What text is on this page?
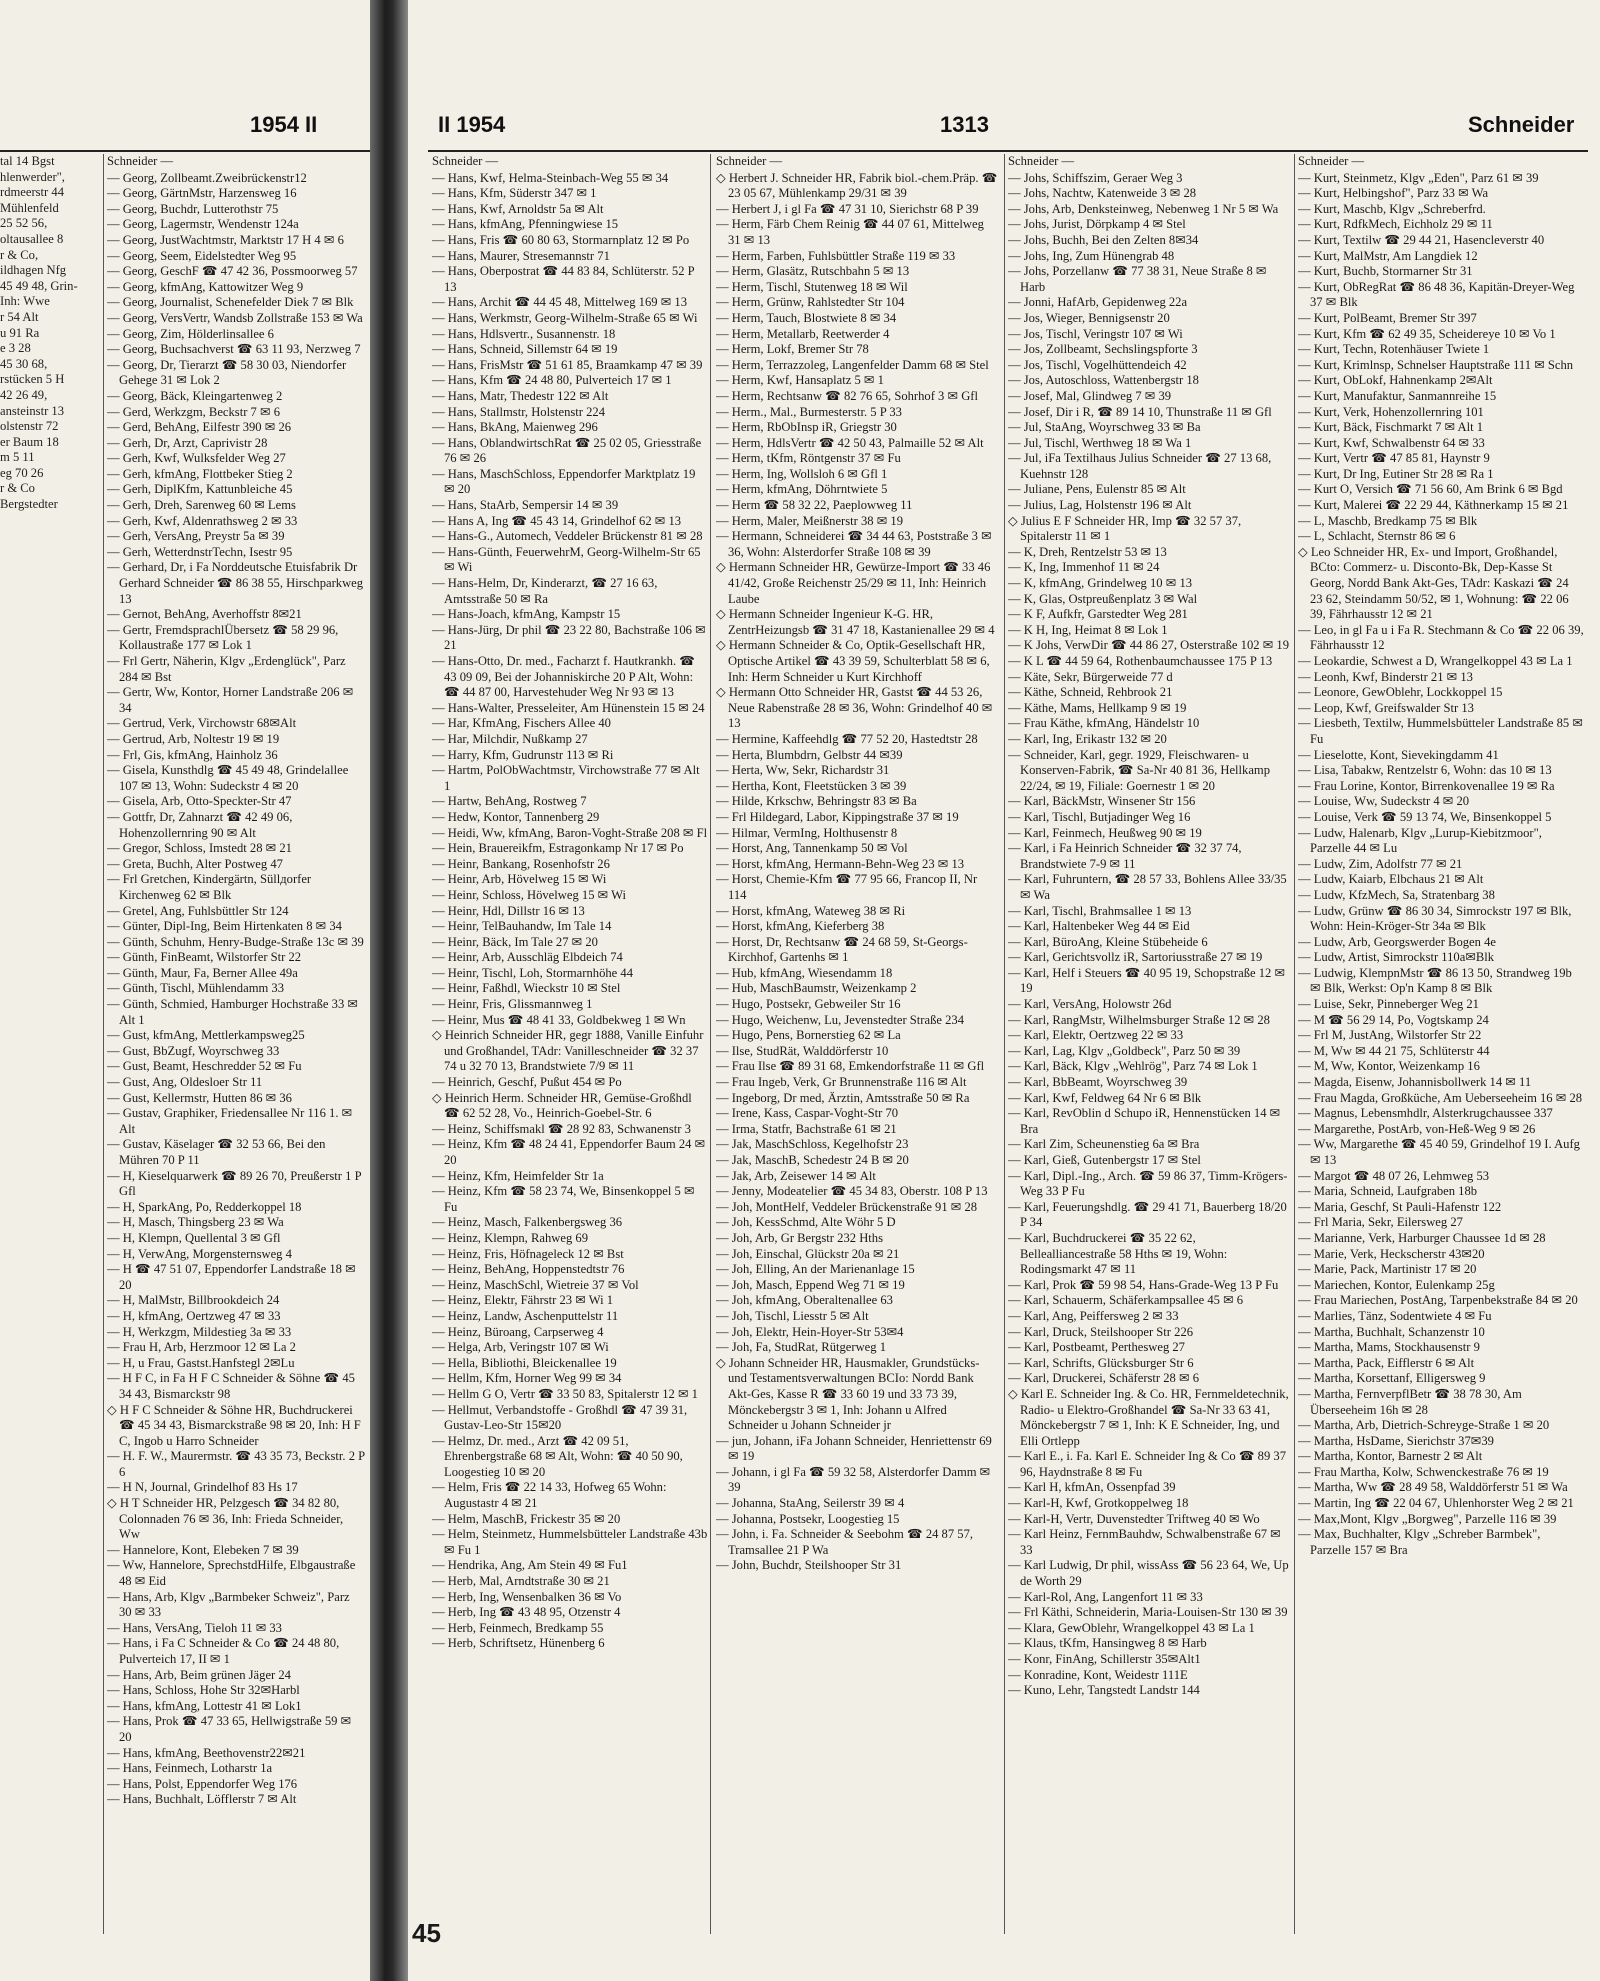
1954 II

tal 14 Bgst

hlenwerder",

rdmeerstr 44

Mühlenfeld

25 52 56,

oltausallee 8

r & Co,

ildhagen Nfg

45 49 48, Grin-

Inh: Wwe

r 54 Alt

u 91 Ra

e 3 28

45 30 68,

rstücken 5 H

42 26 49,

ansteinstr 13

olstenstr 72

er Baum 18

m 5 11

eg 70 26

r & Co

Bergstedter

Schneider —

— Georg, Zollbeamt.Zweibrückenstr12

— Georg, GärtnMstr, Harzensweg 16

— Georg, Buchdr, Lutterothstr 75

— Georg, Lagermstr, Wendenstr 124a

— Georg, JustWachtmstr, Marktstr 17 H 4 ✉ 6

— Georg, Seem, Eidelstedter Weg 95

— Georg, GeschF ☎ 47 42 36, Possmoorweg 57

— Georg, kfmAng, Kattowitzer Weg 9

— Georg, Journalist, Schenefelder Diek 7 ✉ Blk

— Georg, VersVertr, Wandsb Zollstraße 153 ✉ Wa

— Georg, Zim, Hölderlinsallee 6

— Georg, Buchsachverst ☎ 63 11 93, Nerzweg 7

— Georg, Dr, Tierarzt ☎ 58 30 03, Niendorfer Gehege 31 ✉ Lok 2

— Georg, Bäck, Kleingartenweg 2

— Gerd, Werkzgm, Beckstr 7 ✉ 6

— Gerd, BehAng, Eilfestr 390 ✉ 26

— Gerh, Dr, Arzt, Caprivistr 28

— Gerh, Kwf, Wulksfelder Weg 27

— Gerh, kfmAng, Flottbeker Stieg 2

— Gerh, DiplKfm, Kattunbleiche 45

— Gerh, Dreh, Sarenweg 60 ✉ Lems

— Gerh, Kwf, Aldenrathsweg 2 ✉ 33

— Gerh, VersAng, Preystr 5a ✉ 39

— Gerh, WetterdnstrTechn, Isestr 95

— Gerhard, Dr, i Fa Norddeutsche Etuisfabrik Dr Gerhard Schneider ☎ 86 38 55, Hirschparkweg 13

— Gernot, BehAng, Averhoffstr 8✉21

— Gertr, FremdsprachlÜbersetz ☎ 58 29 96, Kollaustraße 177 ✉ Lok 1

— Frl Gertr, Näherin, Klgv „Erdenglück", Parz 284 ✉ Bst

— Gertr, Ww, Kontor, Horner Landstraße 206 ✉ 34

— Gertrud, Verk, Virchowstr 68✉Alt

— Gertrud, Arb, Noltestr 19 ✉ 19

— Frl, Gis, kfmAng, Hainholz 36

— Gisela, Kunsthdlg ☎ 45 49 48, Grindelallee 107 ✉ 13, Wohn: Sudeckstr 4 ✉ 20

— Gisela, Arb, Otto-Speckter-Str 47

— Gottfr, Dr, Zahnarzt ☎ 42 49 06, Hohenzollernring 90 ✉ Alt

— Gregor, Schloss, Imstedt 28 ✉ 21

— Greta, Buchh, Alter Postweg 47

— Frl Gretchen, Kindergärtn, Süllдorfer Kirchenweg 62 ✉ Blk

— Gretel, Ang, Fuhlsbüttler Str 124

— Günter, Dipl-Ing, Beim Hirtenkaten 8 ✉ 34

— Günth, Schuhm, Henry-Budge-Straße 13c ✉ 39

— Günth, FinBeamt, Wilstorfer Str 22

— Günth, Maur, Fa, Berner Allee 49a

— Günth, Tischl, Mühlendamm 33

— Günth, Schmied, Hamburger Hochstraße 33 ✉ Alt 1

— Gust, kfmAng, Mettlerkampsweg25

— Gust, BbZugf, Woyrschweg 33

— Gust, Beamt, Heschredder 52 ✉ Fu

— Gust, Ang, Oldesloer Str 11

— Gust, Kellermstr, Hutten 86 ✉ 36

— Gustav, Graphiker, Friedensallee Nr 116 1. ✉ Alt

— Gustav, Käselager ☎ 32 53 66, Bei den Mühren 70 P 11

— H, Kieselquarwerk ☎ 89 26 70, Preußerstr 1 P Gfl

— H, SparkAng, Po, Redderkoppel 18

— H, Masch, Thingsberg 23 ✉ Wa

— H, Klempn, Quellental 3 ✉ Gfl

— H, VerwAng, Morgensternsweg 4

— H ☎ 47 51 07, Eppendorfer Landstraße 18 ✉ 20

— H, MalMstr, Billbrookdeich 24

— H, kfmAng, Oertzweg 47 ✉ 33

— H, Werkzgm, Mildestieg 3a ✉ 33

— Frau H, Arb, Herzmoor 12 ✉ La 2

— H, u Frau, Gastst.Hanfstegl 2✉Lu

— H F C, in Fa H F C Schneider & Söhne ☎ 45 34 43, Bismarckstr 98

◇ H F C Schneider & Söhne HR, Buchdruckerei ☎ 45 34 43, Bismarckstraße 98 ✉ 20, Inh: H F C, Ingob u Harro Schneider

— H. F. W., Maurermstr. ☎ 43 35 73, Beckstr. 2 P 6

— H N, Journal, Grindelhof 83 Hs 17

◇ H T Schneider HR, Pelzgesch ☎ 34 82 80, Colonnaden 76 ✉ 36, Inh: Frieda Schneider, Ww

— Hannelore, Kont, Elebeken 7 ✉ 39

— Ww, Hannelore, SprechstdHilfe, Elbgaustraße 48 ✉ Eid

— Hans, Arb, Klgv „Barmbeker Schweiz", Parz 30 ✉ 33

— Hans, VersAng, Tieloh 11 ✉ 33

— Hans, i Fa C Schneider & Co ☎ 24 48 80, Pulverteich 17, II ✉ 1

— Hans, Arb, Beim grünen Jäger 24

— Hans, Schloss, Hohe Str 32✉Harbl

— Hans, kfmAng, Lottestr 41 ✉ Lok1

— Hans, Prok ☎ 47 33 65, Hellwigstraße 59 ✉ 20

— Hans, kfmAng, Beethovenstr22✉21

— Hans, Feinmech, Lotharstr 1a

— Hans, Polst, Eppendorfer Weg 176

— Hans, Buchhalt, Löfflerstr 7 ✉ Alt

II 1954	1313	Schneider
Schneider —

— Hans, Kwf, Helma-Steinbach-Weg 55 ✉ 34

— Hans, Kfm, Süderstr 347 ✉ 1

— Hans, Kwf, Arnoldstr 5a ✉ Alt

— Hans, kfmAng, Pfenningwiese 15

— Hans, Fris ☎ 60 80 63, Stormarnplatz 12 ✉ Po

— Hans, Maurer, Stresemannstr 71

— Hans, Oberpostrat ☎ 44 83 84, Schlüterstr. 52 P 13

— Hans, Archit ☎ 44 45 48, Mittelweg 169 ✉ 13

— Hans, Werkmstr, Georg-Wilhelm-Straße 65 ✉ Wi

— Hans, Hdlsvertr., Susannenstr. 18

— Hans, Schneid, Sillemstr 64 ✉ 19

— Hans, FrisMstr ☎ 51 61 85, Braamkamp 47 ✉ 39

— Hans, Kfm ☎ 24 48 80, Pulverteich 17 ✉ 1

— Hans, Matr, Thedestr 122 ✉ Alt

— Hans, Stallmstr, Holstenstr 224

— Hans, BkAng, Maienweg 296

— Hans, OblandwirtschRat ☎ 25 02 05, Griesstraße 76 ✉ 26

— Hans, MaschSchloss, Eppendorfer Marktplatz 19 ✉ 20

— Hans, StaArb, Sempersir 14 ✉ 39

— Hans A, Ing ☎ 45 43 14, Grindelhof 62 ✉ 13

— Hans-G., Automech, Veddeler Brückenstr 81 ✉ 28

— Hans-Günth, FeuerwehrM, Georg-Wilhelm-Str 65 ✉ Wi

— Hans-Helm, Dr, Kinderarzt, ☎ 27 16 63, Amtsstraße 50 ✉ Ra

— Hans-Joach, kfmAng, Kampstr 15

— Hans-Jürg, Dr phil ☎ 23 22 80, Bachstraße 106 ✉ 21

— Hans-Otto, Dr. med., Facharzt f. Hautkrankh. ☎ 43 09 09, Bei der Johanniskirche 20 P Alt, Wohn: ☎ 44 87 00, Harvestehuder Weg Nr 93 ✉ 13

— Hans-Walter, Presseleiter, Am Hünenstein 15 ✉ 24

— Har, KfmAng, Fischers Allee 40

— Har, Milchdir, Nußkamp 27

— Harry, Kfm, Gudrunstr 113 ✉ Ri

— Hartm, PolObWachtmstr, Virchowstraße 77 ✉ Alt 1

— Hartw, BehAng, Rostweg 7

— Hedw, Kontor, Tannenberg 29

— Heidi, Ww, kfmAng, Baron-Voght-Straße 208 ✉ Fl

— Hein, Brauereikfm, Estragonkamp Nr 17 ✉ Po

— Heinr, Bankang, Rosenhofstr 26

— Heinr, Arb, Hövelweg 15 ✉ Wi

— Heinr, Schloss, Hövelweg 15 ✉ Wi

— Heinr, Hdl, Dillstr 16 ✉ 13

— Heinr, TelBauhandw, Im Tale 14

— Heinr, Bäck, Im Tale 27 ✉ 20

— Heinr, Arb, Ausschläg Elbdeich 74

— Heinr, Tischl, Loh, Stormarnhöhe 44

— Heinr, Faßhdl, Wieckstr 10 ✉ Stel

— Heinr, Fris, Glissmannweg 1

— Heinr, Mus ☎ 48 41 33, Goldbekweg 1 ✉ Wn

◇ Heinrich Schneider HR, gegr 1888, Vanille Einfuhr und Großhandel, TAdr: Vanilleschneider ☎ 32 37 74 u 32 70 13, Brandstwiete 7/9 ✉ 11

— Heinrich, Geschf, Pußut 454 ✉ Po

◇ Heinrich Herm. Schneider HR, Gemüse-Großhdl ☎ 62 52 28, Vo., Heinrich-Goebel-Str. 6

— Heinz, Schiffsmakl ☎ 28 92 83, Schwanenstr 3

— Heinz, Kfm ☎ 48 24 41, Eppendorfer Baum 24 ✉ 20

— Heinz, Kfm, Heimfelder Str 1a

— Heinz, Kfm ☎ 58 23 74, We, Binsenkoppel 5 ✉ Fu

— Heinz, Masch, Falkenbergsweg 36

— Heinz, Klempn, Rahweg 69

— Heinz, Fris, Höfnageleck 12 ✉ Bst

— Heinz, BehAng, Hoppenstedtstr 76

— Heinz, MaschSchl, Wietreie 37 ✉ Vol

— Heinz, Elektr, Fährstr 23 ✉ Wi 1

— Heinz, Landw, Aschenputtelstr 11

— Heinz, Büroang, Carpserweg 4

— Helga, Arb, Veringstr 107 ✉ Wi

— Hella, Bibliothi, Bleickenallee 19

— Hellm, Kfm, Horner Weg 99 ✉ 34

— Hellm G O, Vertr ☎ 33 50 83, Spitalerstr 12 ✉ 1

— Hellmut, Verbandstoffe - Großhdl ☎ 47 39 31, Gustav-Leo-Str 15✉20

— Helmz, Dr. med., Arzt ☎ 42 09 51, Ehrenbergstraße 68 ✉ Alt, Wohn: ☎ 40 50 90, Loogestieg 10 ✉ 20

— Helm, Fris ☎ 22 14 33, Hofweg 65 Wohn: Augustastr 4 ✉ 21

— Helm, MaschB, Frickestr 35 ✉ 20

— Helm, Steinmetz, Hummelsbütteler Landstraße 43b ✉ Fu 1

— Hendrika, Ang, Am Stein 49 ✉ Fu1

— Herb, Mal, Arndtstraße 30 ✉ 21

— Herb, Ing, Wensenbalken 36 ✉ Vo

— Herb, Ing ☎ 43 48 95, Otzenstr 4

— Herb, Feinmech, Bredkamp 55

— Herb, Schriftsetz, Hünenberg 6

Schneider —

◇ Herbert J. Schneider HR, Fabrik biol.-chem.Präp. ☎ 23 05 67, Mühlenkamp 29/31 ✉ 39

— Herbert J, i gl Fa ☎ 47 31 10, Sierichstr 68 P 39

— Herm, Färb Chem Reinig ☎ 44 07 61, Mittelweg 31 ✉ 13

— Herm, Farben, Fuhlsbüttler Straße 119 ✉ 33

— Herm, Glasätz, Rutschbahn 5 ✉ 13

— Herm, Tischl, Stutenweg 18 ✉ Wil

— Herm, Grünw, Rahlstedter Str 104

— Herm, Tauch, Blostwiete 8 ✉ 34

— Herm, Metallarb, Reetwerder 4

— Herm, Lokf, Bremer Str 78

— Herm, Terrazzoleg, Langenfelder Damm 68 ✉ Stel

— Herm, Kwf, Hansaplatz 5 ✉ 1

— Herm, Rechtsanw ☎ 82 76 65, Sohrhof 3 ✉ Gfl

— Herm., Mal., Burmesterstr. 5 P 33

— Herm, RbObInsp iR, Griegstr 30

— Herm, HdlsVertr ☎ 42 50 43, Palmaille 52 ✉ Alt

— Herm, tKfm, Röntgenstr 37 ✉ Fu

— Herm, Ing, Wollsloh 6 ✉ Gfl 1

— Herm, kfmAng, Döhrntwiete 5

— Herm ☎ 58 32 22, Paeplowweg 11

— Herm, Maler, Meißnerstr 38 ✉ 19

— Hermann, Schneiderei ☎ 34 44 63, Poststraße 3 ✉ 36, Wohn: Alsterdorfer Straße 108 ✉ 39

◇ Hermann Schneider HR, Gewürze-Import ☎ 33 46 41/42, Große Reichenstr 25/29 ✉ 11, Inh: Heinrich Laube

◇ Hermann Schneider Ingenieur K-G. HR, ZentrHeizungsb ☎ 31 47 18, Kastanienallee 29 ✉ 4

◇ Hermann Schneider & Co, Optik-Gesellschaft HR, Optische Artikel ☎ 43 39 59, Schulterblatt 58 ✉ 6, Inh: Herm Schneider u Kurt Kirchhoff

◇ Hermann Otto Schneider HR, Gastst ☎ 44 53 26, Neue Rabenstraße 28 ✉ 36, Wohn: Grindelhof 40 ✉ 13

— Hermine, Kaffeehdlg ☎ 77 52 20, Hastedtstr 28

— Herta, Blumbdrn, Gelbstr 44 ✉39

— Herta, Ww, Sekr, Richardstr 31

— Hertha, Kont, Fleetstücken 3 ✉ 39

— Hilde, Krkschw, Behringstr 83 ✉ Ba

— Frl Hildegard, Labor, Kippingstraße 37 ✉ 19

— Hilmar, VermIng, Holthusenstr 8

— Horst, Ang, Tannenkamp 50 ✉ Vol

— Horst, kfmAng, Hermann-Behn-Weg 23 ✉ 13

— Horst, Chemie-Kfm ☎ 77 95 66, Francop II, Nr 114

— Horst, kfmAng, Wateweg 38 ✉ Ri

— Horst, kfmAng, Kieferberg 38

— Horst, Dr, Rechtsanw ☎ 24 68 59, St-Georgs-Kirchhof, Gartenhs ✉ 1

— Hub, kfmAng, Wiesendamm 18

— Hub, MaschBaumstr, Weizenkamp 2

— Hugo, Postsekr, Gebweiler Str 16

— Hugo, Weichenw, Lu, Jevenstedter Straße 234

— Hugo, Pens, Bornerstieg 62 ✉ La

— Ilse, StudRät, Walddörferstr 10

— Frau Ilse ☎ 89 31 68, Emkendorfstraße 11 ✉ Gfl

— Frau Ingeb, Verk, Gr Brunnenstraße 116 ✉ Alt

— Ingeborg, Dr med, Ärztin, Amtsstraße 50 ✉ Ra

— Irene, Kass, Caspar-Voght-Str 70

— Irma, Statfr, Bachstraße 61 ✉ 21

— Jak, MaschSchloss, Kegelhofstr 23

— Jak, MaschB, Schedestr 24 B ✉ 20

— Jak, Arb, Zeisewег 14 ✉ Alt

— Jenny, Modeatelier ☎ 45 34 83, Oberstr. 108 P 13

— Joh, MontHelf, Veddeler Brückenstraße 91 ✉ 28

— Joh, KessSchmd, Alte Wöhr 5 D

— Joh, Arb, Gr Bergstr 232 Hths

— Joh, Einschal, Glückstr 20a ✉ 21

— Joh, Elling, An der Marienanlage 15

— Joh, Masch, Eppend Weg 71 ✉ 19

— Joh, kfmAng, Oberaltenallee 63

— Joh, Tischl, Liesstr 5 ✉ Alt

— Joh, Elektr, Hein-Hoyer-Str 53✉4

— Joh, Fa, StudRat, Rütgerweg 1

◇ Johann Schneider HR, Hausmakler, Grundstücks- und Testamentsverwaltungen BCIo: Nordd Bank Akt-Ges, Kasse R ☎ 33 60 19 und 33 73 39, Mönckebergstr 3 ✉ 1, Inh: Johann u Alfred Schneider u Johann Schneider jr

— jun, Johann, iFa Johann Schneider, Henriettenstr 69 ✉ 19

— Johann, i gl Fa ☎ 59 32 58, Alsterdorfer Damm ✉ 39

— Johanna, StaAng, Seilerstr 39 ✉ 4

— Johanna, Postsekr, Loogestieg 15

— John, i. Fa. Schneider & Seebohm ☎ 24 87 57, Tramsallee 21 P Wa

— John, Buchdr, Steilshooper Str 31

Schneider —

— Johs, Schiffszim, Geraer Weg 3

— Johs, Nachtw, Katenweide 3 ✉ 28

— Johs, Arb, Denksteinweg, Nebenweg 1 Nr 5 ✉ Wa

— Johs, Jurist, Dörpkamp 4 ✉ Stel

— Johs, Buchh, Bei den Zelten 8✉34

— Johs, Ing, Zum Hünengrab 48

— Johs, Porzellanw ☎ 77 38 31, Neue Straße 8 ✉ Harb

— Jonni, HafArb, Gepidenweg 22a

— Jos, Wieger, Bennigsenstr 20

— Jos, Tischl, Veringstr 107 ✉ Wi

— Jos, Zollbeamt, Sechslingspforte 3

— Jos, Tischl, Vogelhüttendeich 42

— Jos, Autoschloss, Wattenbergstr 18

— Josef, Mal, Glindweg 7 ✉ 39

— Josef, Dir i R, ☎ 89 14 10, Thunstraße 11 ✉ Gfl

— Jul, StaAng, Woyrschweg 33 ✉ Ba

— Jul, Tischl, Werthweg 18 ✉ Wa 1

— Jul, iFa Textilhaus Julius Schneider ☎ 27 13 68, Kuehnstr 128

— Juliane, Pens, Eulenstr 85 ✉ Alt

— Julius, Lag, Holstenstr 196 ✉ Alt

◇ Julius E F Schneider HR, Imp ☎ 32 57 37, Spitalerstr 11 ✉ 1

— K, Dreh, Rentzelstr 53 ✉ 13

— K, Ing, Immenhof 11 ✉ 24

— K, kfmAng, Grindelweg 10 ✉ 13

— K, Glas, Ostpreußenplatz 3 ✉ Wal

— K F, Aufkfr, Garstedter Weg 281

— K H, Ing, Heimat 8 ✉ Lok 1

— K Johs, VerwDir ☎ 44 86 27, Osterstraße 102 ✉ 19

— K L ☎ 44 59 64, Rothenbaumchaussee 175 P 13

— Käte, Sekr, Bürgerweide 77 d

— Käthe, Schneid, Rehbrook 21

— Käthe, Mams, Hellkamp 9 ✉ 19

— Frau Käthe, kfmAng, Händelstr 10

— Karl, Ing, Erikastr 132 ✉ 20

— Schneider, Karl, gegr. 1929, Fleischwaren- u Konserven-Fabrik, ☎ Sa-Nr 40 81 36, Hellkamp 22/24, ✉ 19, Filiale: Goernestr 1 ✉ 20

— Karl, BäckMstr, Winsener Str 156

— Karl, Tischl, Butjadinger Weg 16

— Karl, Feinmech, Heußweg 90 ✉ 19

— Karl, i Fa Heinrich Schneider ☎ 32 37 74, Brandstwiete 7-9 ✉ 11

— Karl, Fuhruntern, ☎ 28 57 33, Bohlens Allee 33/35 ✉ Wa

— Karl, Tischl, Brahmsallee 1 ✉ 13

— Karl, Haltenbeker Weg 44 ✉ Eid

— Karl, BüroAng, Kleine Stübeheide 6

— Karl, Gerichtsvollz iR, Sartoriusstraße 27 ✉ 19

— Karl, Helf i Steuers ☎ 40 95 19, Schopstraße 12 ✉ 19

— Karl, VersAng, Holowstr 26d

— Karl, RangMstr, Wilhelmsburger Straße 12 ✉ 28

— Karl, Elektr, Oertzweg 22 ✉ 33

— Karl, Lag, Klgv „Goldbeck", Parz 50 ✉ 39

— Karl, Bäck, Klgv „Wehlrög", Parz 74 ✉ Lok 1

— Karl, BbBeamt, Woyrschweg 39

— Karl, Kwf, Feldweg 64 Nr 6 ✉ Blk

— Karl, RevOblin d Schupo iR, Hennenstücken 14 ✉ Bra

— Karl Zim, Scheunenstieg 6a ✉ Bra

— Karl, Gieß, Gutenbergstr 17 ✉ Stel

— Karl, Dipl.-Ing., Arch. ☎ 59 86 37, Timm-Krögers-Weg 33 P Fu

— Karl, Feuerungshdlg. ☎ 29 41 71, Bauerberg 18/20 P 34

— Karl, Buchdruckerei ☎ 35 22 62, Bellealliancestraße 58 Hths ✉ 19, Wohn: Rodingsmarkt 47 ✉ 11

— Karl, Prok ☎ 59 98 54, Hans-Grade-Weg 13 P Fu

— Karl, Schauerm, Schäferkampsallee 45 ✉ 6

— Karl, Ang, Peiffersweg 2 ✉ 33

— Karl, Druck, Steilshooper Str 226

— Karl, Postbeamt, Perthesweg 27

— Karl, Schrifts, Glücksburger Str 6

— Karl, Druckerei, Schäferstr 28 ✉ 6

◇ Karl E. Schneider Ing. & Co. HR, Fernmeldetechnik, Radio- u Elektro-Großhandel ☎ Sa-Nr 33 63 41, Mönckebergstr 7 ✉ 1, Inh: K E Schneider, Ing, und Elli Ortlepp

— Karl E., i. Fa. Karl E. Schneider Ing & Co ☎ 89 37 96, Haydnstraße 8 ✉ Fu

— Karl H, kfmAn, Ossenpfad 39

— Karl-H, Kwf, Grotkoppelweg 18

— Karl-H, Vertr, Duvenstedter Triftweg 40 ✉ Wo

— Karl Heinz, FernmBauhdw, Schwalbenstraße 67 ✉ 33

— Karl Ludwig, Dr phil, wissAss ☎ 56 23 64, We, Up de Worth 29

— Karl-Rol, Ang, Langenfort 11 ✉ 33

— Frl Käthi, Schneiderin, Maria-Louisen-Str 130 ✉ 39

— Klara, GewOblehr, Wrangelkoppel 43 ✉ La 1

— Klaus, tKfm, Hansingweg 8 ✉ Harb

— Konr, FinAng, Schillerstr 35✉Alt1

— Konradine, Kont, Weidestr 111E

— Kuno, Lehr, Tangstedt Landstr 144

Schneider —

— Kurt, Steinmetz, Klgv „Eden", Parz 61 ✉ 39

— Kurt, Helbingshof", Parz 33 ✉ Wa

— Kurt, Maschb, Klgv „Schreberfrd.

— Kurt, RdfkMech, Eichholz 29 ✉ 11

— Kurt, Textilw ☎ 29 44 21, Hasencleverstr 40

— Kurt, MalMstr, Am Langdiek 12

— Kurt, Buchb, Stormarner Str 31

— Kurt, ObRegRat ☎ 86 48 36, Kapitän-Dreyer-Weg 37 ✉ Blk

— Kurt, PolBeamt, Bremer Str 397

— Kurt, Kfm ☎ 62 49 35, Scheidereye 10 ✉ Vo 1

— Kurt, Techn, Rotenhäuser Twiete 1

— Kurt, Krimlnsp, Schnelser Hauptstraße 111 ✉ Schn

— Kurt, ObLokf, Hahnenkamp 2✉Alt

— Kurt, Manufaktur, Sanmannreihe 15

— Kurt, Verk, Hohenzollernring 101

— Kurt, Bäck, Fischmarkt 7 ✉ Alt 1

— Kurt, Kwf, Schwalbenstr 64 ✉ 33

— Kurt, Vertr ☎ 47 85 81, Haynstr 9

— Kurt, Dr Ing, Eutiner Str 28 ✉ Ra 1

— Kurt O, Versich ☎ 71 56 60, Am Brink 6 ✉ Bgd

— Kurt, Malerei ☎ 22 29 44, Käthnerkamp 15 ✉ 21

— L, Maschb, Bredkamp 75 ✉ Blk

— L, Schlacht, Sternstr 86 ✉ 6

◇ Leo Schneider HR, Ex- und Import, Großhandel, BCto: Commerz- u. Disconto-Bk, Dep-Kasse St Georg, Nordd Bank Akt-Ges, TAdr: Kaskazi ☎ 24 23 62, Steindamm 50/52, ✉ 1, Wohnung: ☎ 22 06 39, Fährhausstr 12 ✉ 21

— Leo, in gl Fa u i Fa R. Stechmann & Co ☎ 22 06 39, Fährhausstr 12

— Leokardie, Schwest a D, Wrangelkoppel 43 ✉ La 1

— Leonh, Kwf, Binderstr 21 ✉ 13

— Leonore, GewOblehr, Lockkoppel 15

— Leop, Kwf, Greifswalder Str 13

— Liesbeth, Textilw, Hummelsbütteler Landstraße 85 ✉ Fu

— Lieselotte, Kont, Sievekingdamm 41

— Lisa, Tabakw, Rentzelstr 6, Wohn: das 10 ✉ 13

— Frau Lorine, Kontor, Birrenkovenallee 19 ✉ Ra

— Louise, Ww, Sudeckstr 4 ✉ 20

— Louise, Verk ☎ 59 13 74, We, Binsenkoppel 5

— Ludw, Halenarb, Klgv „Lurup-Kiebitzmoor", Parzelle 44 ✉ Lu

— Ludw, Zim, Adolfstr 77 ✉ 21

— Ludw, Kaiarb, Elbchaus 21 ✉ Alt

— Ludw, KfzMech, Sa, Stratenbarg 38

— Ludw, Grünw ☎ 86 30 34, Simrockstr 197 ✉ Blk, Wohn: Hein-Kröger-Str 34a ✉ Blk

— Ludw, Arb, Georgswerder Bogen 4e

— Ludw, Artist, Simrockstr 110a✉Blk

— Ludwig, KlempnMstr ☎ 86 13 50, Strandweg 19b ✉ Blk, Werkst: Op'n Kamp 8 ✉ Blk

— Luise, Sekr, Pinneberger Weg 21

— M ☎ 56 29 14, Po, Vogtskamp 24

— Frl M, JustAng, Wilstorfer Str 22

— M, Ww ✉ 44 21 75, Schlüterstr 44

— M, Ww, Kontor, Weizenkamp 16

— Magda, Eisenw, Johannisbollwerk 14 ✉ 11

— Frau Magda, Großküche, Am Ueberseeheim 16 ✉ 28

— Magnus, Lebensmhdlr, Alsterkrugchaussee 337

— Margarethe, PostArb, von-Heß-Weg 9 ✉ 26

— Ww, Margarethe ☎ 45 40 59, Grindelhof 19 I. Aufg ✉ 13

— Margot ☎ 48 07 26, Lehmweg 53

— Maria, Schneid, Laufgraben 18b

— Maria, Geschf, St Pauli-Hafenstr 122

— Frl Maria, Sekr, Eilersweg 27

— Marianne, Verk, Harburger Chaussee 1d ✉ 28

— Marie, Verk, Heckscherstr 43✉20

— Marie, Pack, Martinistr 17 ✉ 20

— Mariechen, Kontor, Eulenkamp 25g

— Frau Mariechen, PostAng, Tarpenbekstraße 84 ✉ 20

— Marlies, Tänz, Sodentwiete 4 ✉ Fu

— Martha, Buchhalt, Schanzenstr 10

— Martha, Mams, Stockhausenstr 9

— Martha, Pack, Eifflerstr 6 ✉ Alt

— Martha, Korsettanf, Elligersweg 9

— Martha, FernverpflBetr ☎ 38 78 30, Am Überseeheim 16h ✉ 28

— Martha, Arb, Dietrich-Schreyge-Straße 1 ✉ 20

— Martha, HsDame, Sierichstr 37✉39

— Martha, Kontor, Barnestr 2 ✉ Alt

— Frau Martha, Kolw, Schwenckestraße 76 ✉ 19

— Martha, Ww ☎ 28 49 58, Walddörferstr 51 ✉ Wa

— Martin, Ing ☎ 22 04 67, Uhlenhorster Weg 2 ✉ 21

— Max,Mont, Klgv „Borgweg", Parzelle 116 ✉ 39

— Max, Buchhalter, Klgv „Schreber Barmbek", Parzelle 157 ✉ Bra

45
